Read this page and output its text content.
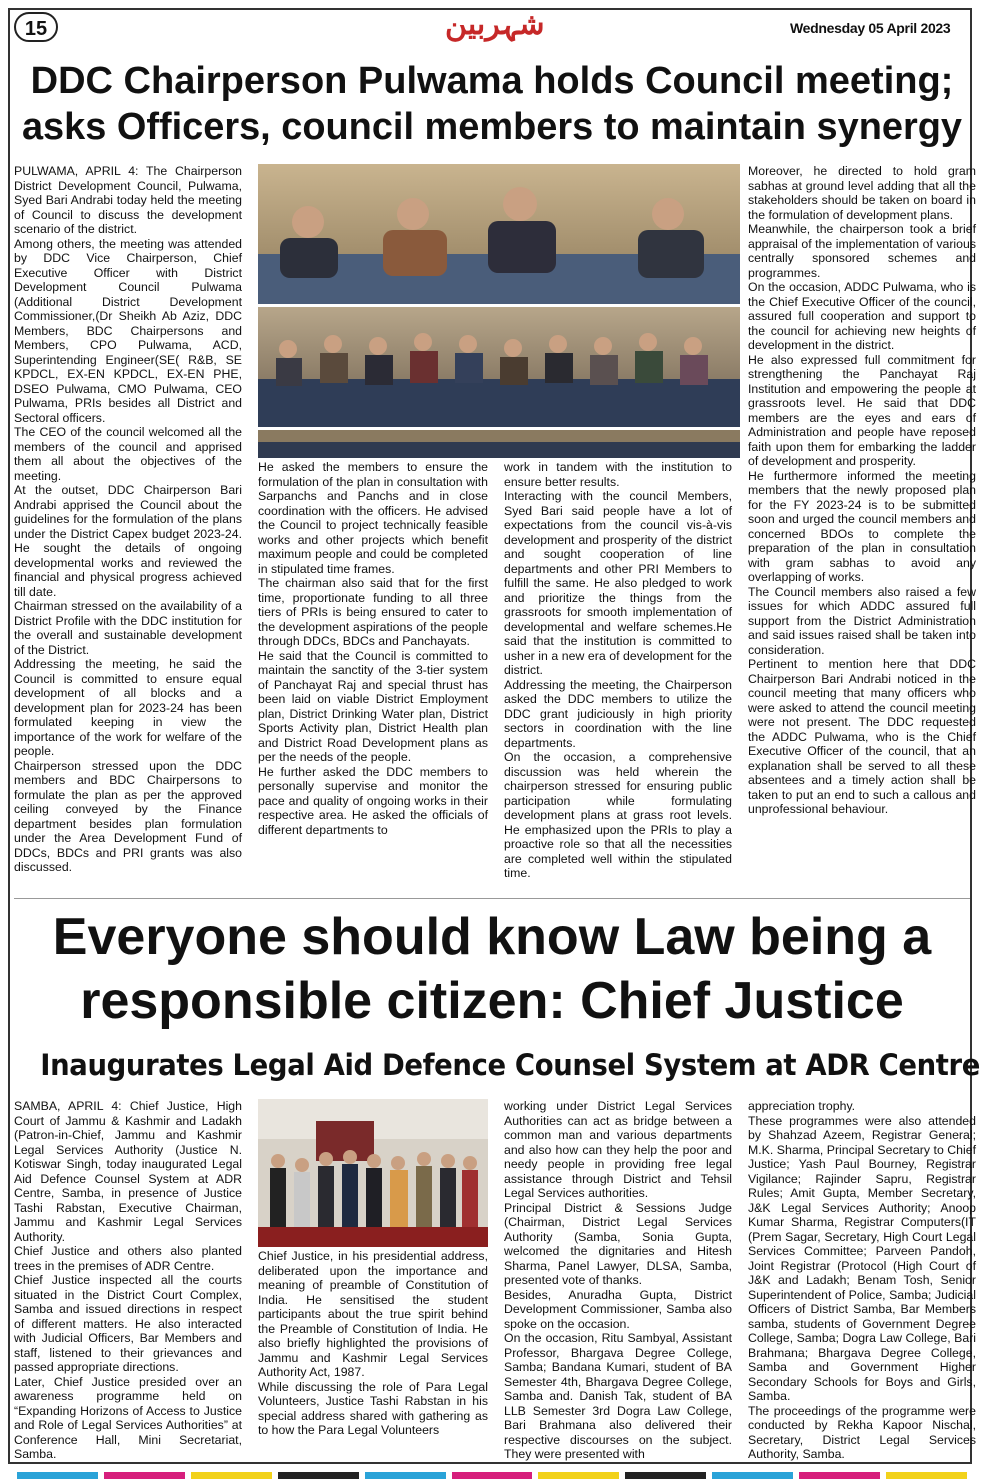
15	شہربین	Wednesday 05 April 2023
DDC Chairperson Pulwama holds Council meeting;
asks Officers, council members to maintain synergy

PULWAMA, APRIL 4: The Chairperson District Development Council, Pulwama, Syed Bari Andrabi today held the meeting of Council to discuss the development scenario of the district.

Among others, the meeting was attended by DDC Vice Chairperson, Chief Executive Officer with District Development Council Pulwama (Additional District Development Commissioner,(Dr Sheikh Ab Aziz, DDC Members, BDC Chairpersons and Members, CPO Pulwama, ACD, Superintending Engineer(SE( R&B, SE KPDCL, EX-EN KPDCL, EX-EN PHE, DSEO Pulwama, CMO Pulwama, CEO Pulwama, PRIs besides all District and Sectoral officers.

The CEO of the council welcomed all the members of the council and apprised them all about the objectives of the meeting.

At the outset, DDC Chairperson Bari Andrabi apprised the Council about the guidelines for the formulation of the plans under the District Capex budget 2023-24. He sought the details of ongoing developmental works and reviewed the financial and physical progress achieved till date.

Chairman stressed on the availability of a District Profile with the DDC institution for the overall and sustainable development of the District.

Addressing the meeting, he said the Council is committed to ensure equal development of all blocks and a development plan for 2023-24 has been formulated keeping in view the importance of the work for welfare of the people.

Chairperson stressed upon the DDC members and BDC Chairpersons to formulate the plan as per the approved ceiling conveyed by the Finance department besides plan formulation under the Area Development Fund of DDCs, BDCs and PRI grants was also discussed.

He asked the members to ensure the formulation of the plan in consultation with Sarpanchs and Panchs and in close coordination with the officers. He advised the Council to project technically feasible works and other projects which benefit maximum people and could be completed in stipulated time frames.

The chairman also said that for the first time, proportionate funding to all three tiers of PRIs is being ensured to cater to the development aspirations of the people through DDCs, BDCs and Panchayats.

He said that the Council is committed to maintain the sanctity of the 3-tier system of Panchayat Raj and special thrust has been laid on viable District Employment plan, District Drinking Water plan, District Sports Activity plan, District Health plan and District Road Development plans as per the needs of the people.

He further asked the DDC members to personally supervise and monitor the pace and quality of ongoing works in their respective area. He asked the officials of different departments to

work in tandem with the institution to ensure better results.

Interacting with the council Members, Syed Bari said people have a lot of expectations from the council vis-à-vis development and prosperity of the district and sought cooperation of line departments and other PRI Members to fulfill the same. He also pledged to work and prioritize the things from the grassroots for smooth implementation of developmental and welfare schemes.He said that the institution is committed to usher in a new era of development for the district.

Addressing the meeting, the Chairperson asked the DDC members to utilize the DDC grant judiciously in high priority sectors in coordination with the line departments.

On the occasion, a comprehensive discussion was held wherein the chairperson stressed for ensuring public participation while formulating development plans at grass root levels. He emphasized upon the PRIs to play a proactive role so that all the necessities are completed well within the stipulated time.

Moreover, he directed to hold gram sabhas at ground level adding that all the stakeholders should be taken on board in the formulation of development plans.

Meanwhile, the chairperson took a brief appraisal of the implementation of various centrally sponsored schemes and programmes.

On the occasion, ADDC Pulwama, who is the Chief Executive Officer of the council, assured full cooperation and support to the council for achieving new heights of development in the district.

He also expressed full commitment for strengthening the Panchayat Raj Institution and empowering the people at grassroots level. He said that DDC members are the eyes and ears of Administration and people have reposed faith upon them for embarking the ladder of development and prosperity.

He furthermore informed the meeting members that the newly proposed plan for the FY 2023-24 is to be submitted soon and urged the council members and concerned BDOs to complete the preparation of the plan in consultation with gram sabhas to avoid any overlapping of works.

The Council members also raised a few issues for which ADDC assured full support from the District Administration and said issues raised shall be taken into consideration.

Pertinent to mention here that DDC Chairperson Bari Andrabi noticed in the council meeting that many officers who were asked to attend the council meeting were not present. The DDC requested the ADDC Pulwama, who is the Chief Executive Officer of the council, that an explanation shall be served to all these absentees and a timely action shall be taken to put an end to such a callous and unprofessional behaviour.

Everyone should know Law being a
responsible citizen: Chief Justice
Inaugurates Legal Aid Defence Counsel System at ADR Centre

SAMBA, APRIL 4: Chief Justice, High Court of Jammu & Kashmir and Ladakh (Patron-in-Chief, Jammu and Kashmir Legal Services Authority (Justice N. Kotiswar Singh, today inaugurated Legal Aid Defence Counsel System at ADR Centre, Samba, in presence of Justice Tashi Rabstan, Executive Chairman, Jammu and Kashmir Legal Services Authority.

Chief Justice and others also planted trees in the premises of ADR Centre.

Chief Justice inspected all the courts situated in the District Court Complex, Samba and issued directions in respect of different matters. He also interacted with Judicial Officers, Bar Members and staff, listened to their grievances and passed appropriate directions.

Later, Chief Justice presided over an awareness programme held on “Expanding Horizons of Access to Justice and Role of Legal Services Authorities” at Conference Hall, Mini Secretariat, Samba.

Chief Justice, in his presidential address, deliberated upon the importance and meaning of preamble of Constitution of India. He sensitised the student participants about the true spirit behind the Preamble of Constitution of India. He also briefly highlighted the provisions of Jammu and Kashmir Legal Services Authority Act, 1987.

While discussing the role of Para Legal Volunteers, Justice Tashi Rabstan in his special address shared with gathering as to how the Para Legal Volunteers

working under District Legal Services Authorities can act as bridge between a common man and various departments and also how can they help the poor and needy people in providing free legal assistance through District and Tehsil Legal Services authorities.

Principal District & Sessions Judge (Chairman, District Legal Services Authority (Samba, Sonia Gupta, welcomed the dignitaries and Hitesh Sharma, Panel Lawyer, DLSA, Samba, presented vote of thanks.

Besides, Anuradha Gupta, District Development Commissioner, Samba also spoke on the occasion.

On the occasion, Ritu Sambyal, Assistant Professor, Bhargava Degree College, Samba; Bandana Kumari, student of BA Semester 4th, Bhargava Degree College, Samba and. Danish Tak, student of BA LLB Semester 3rd Dogra Law College, Bari Brahmana also delivered their respective discourses on the subject. They were presented with

appreciation trophy.

These programmes were also attended by Shahzad Azeem, Registrar General; M.K. Sharma, Principal Secretary to Chief Justice; Yash Paul Bourney, Registrar Vigilance; Rajinder Sapru, Registrar Rules; Amit Gupta, Member Secretary, J&K Legal Services Authority; Anoop Kumar Sharma, Registrar Computers(IT (Prem Sagar, Secretary, High Court Legal Services Committee; Parveen Pandoh, Joint Registrar (Protocol (High Court of J&K and Ladakh; Benam Tosh, Senior Superintendent of Police, Samba; Judicial Officers of District Samba, Bar Members samba, students of Government Degree College, Samba; Dogra Law College, Bari Brahmana; Bhargava Degree College, Samba and Government Higher Secondary Schools for Boys and Girls, Samba.

The proceedings of the programme were conducted by Rekha Kapoor Nischal, Secretary, District Legal Services Authority, Samba.
